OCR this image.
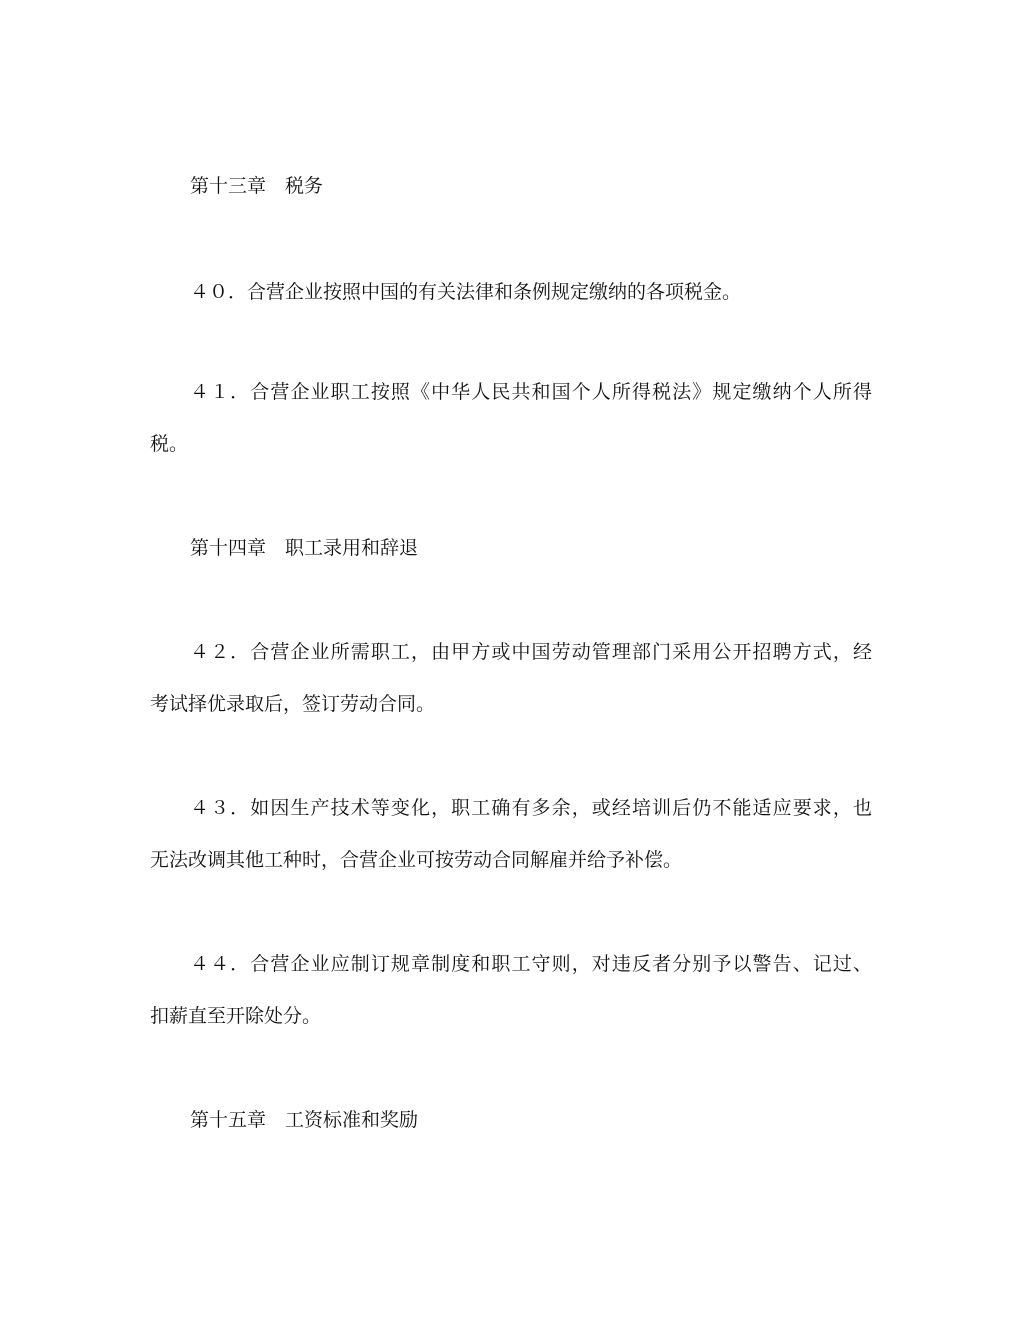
第十三章　税务
４０．合营企业按照中国的有关法律和条例规定缴纳的各项税金。
４１．合营企业职工按照《中华人民共和国个人所得税法》规定缴纳个人所得
税。
第十四章　职工录用和辞退
４２．合营企业所需职工，由甲方或中国劳动管理部门采用公开招聘方式，经
考试择优录取后，签订劳动合同。
４３．如因生产技术等变化，职工确有多余，或经培训后仍不能适应要求，也
无法改调其他工种时，合营企业可按劳动合同解雇并给予补偿。
４４．合营企业应制订规章制度和职工守则，对违反者分别予以警告、记过、
扣薪直至开除处分。
第十五章　工资标准和奖励
